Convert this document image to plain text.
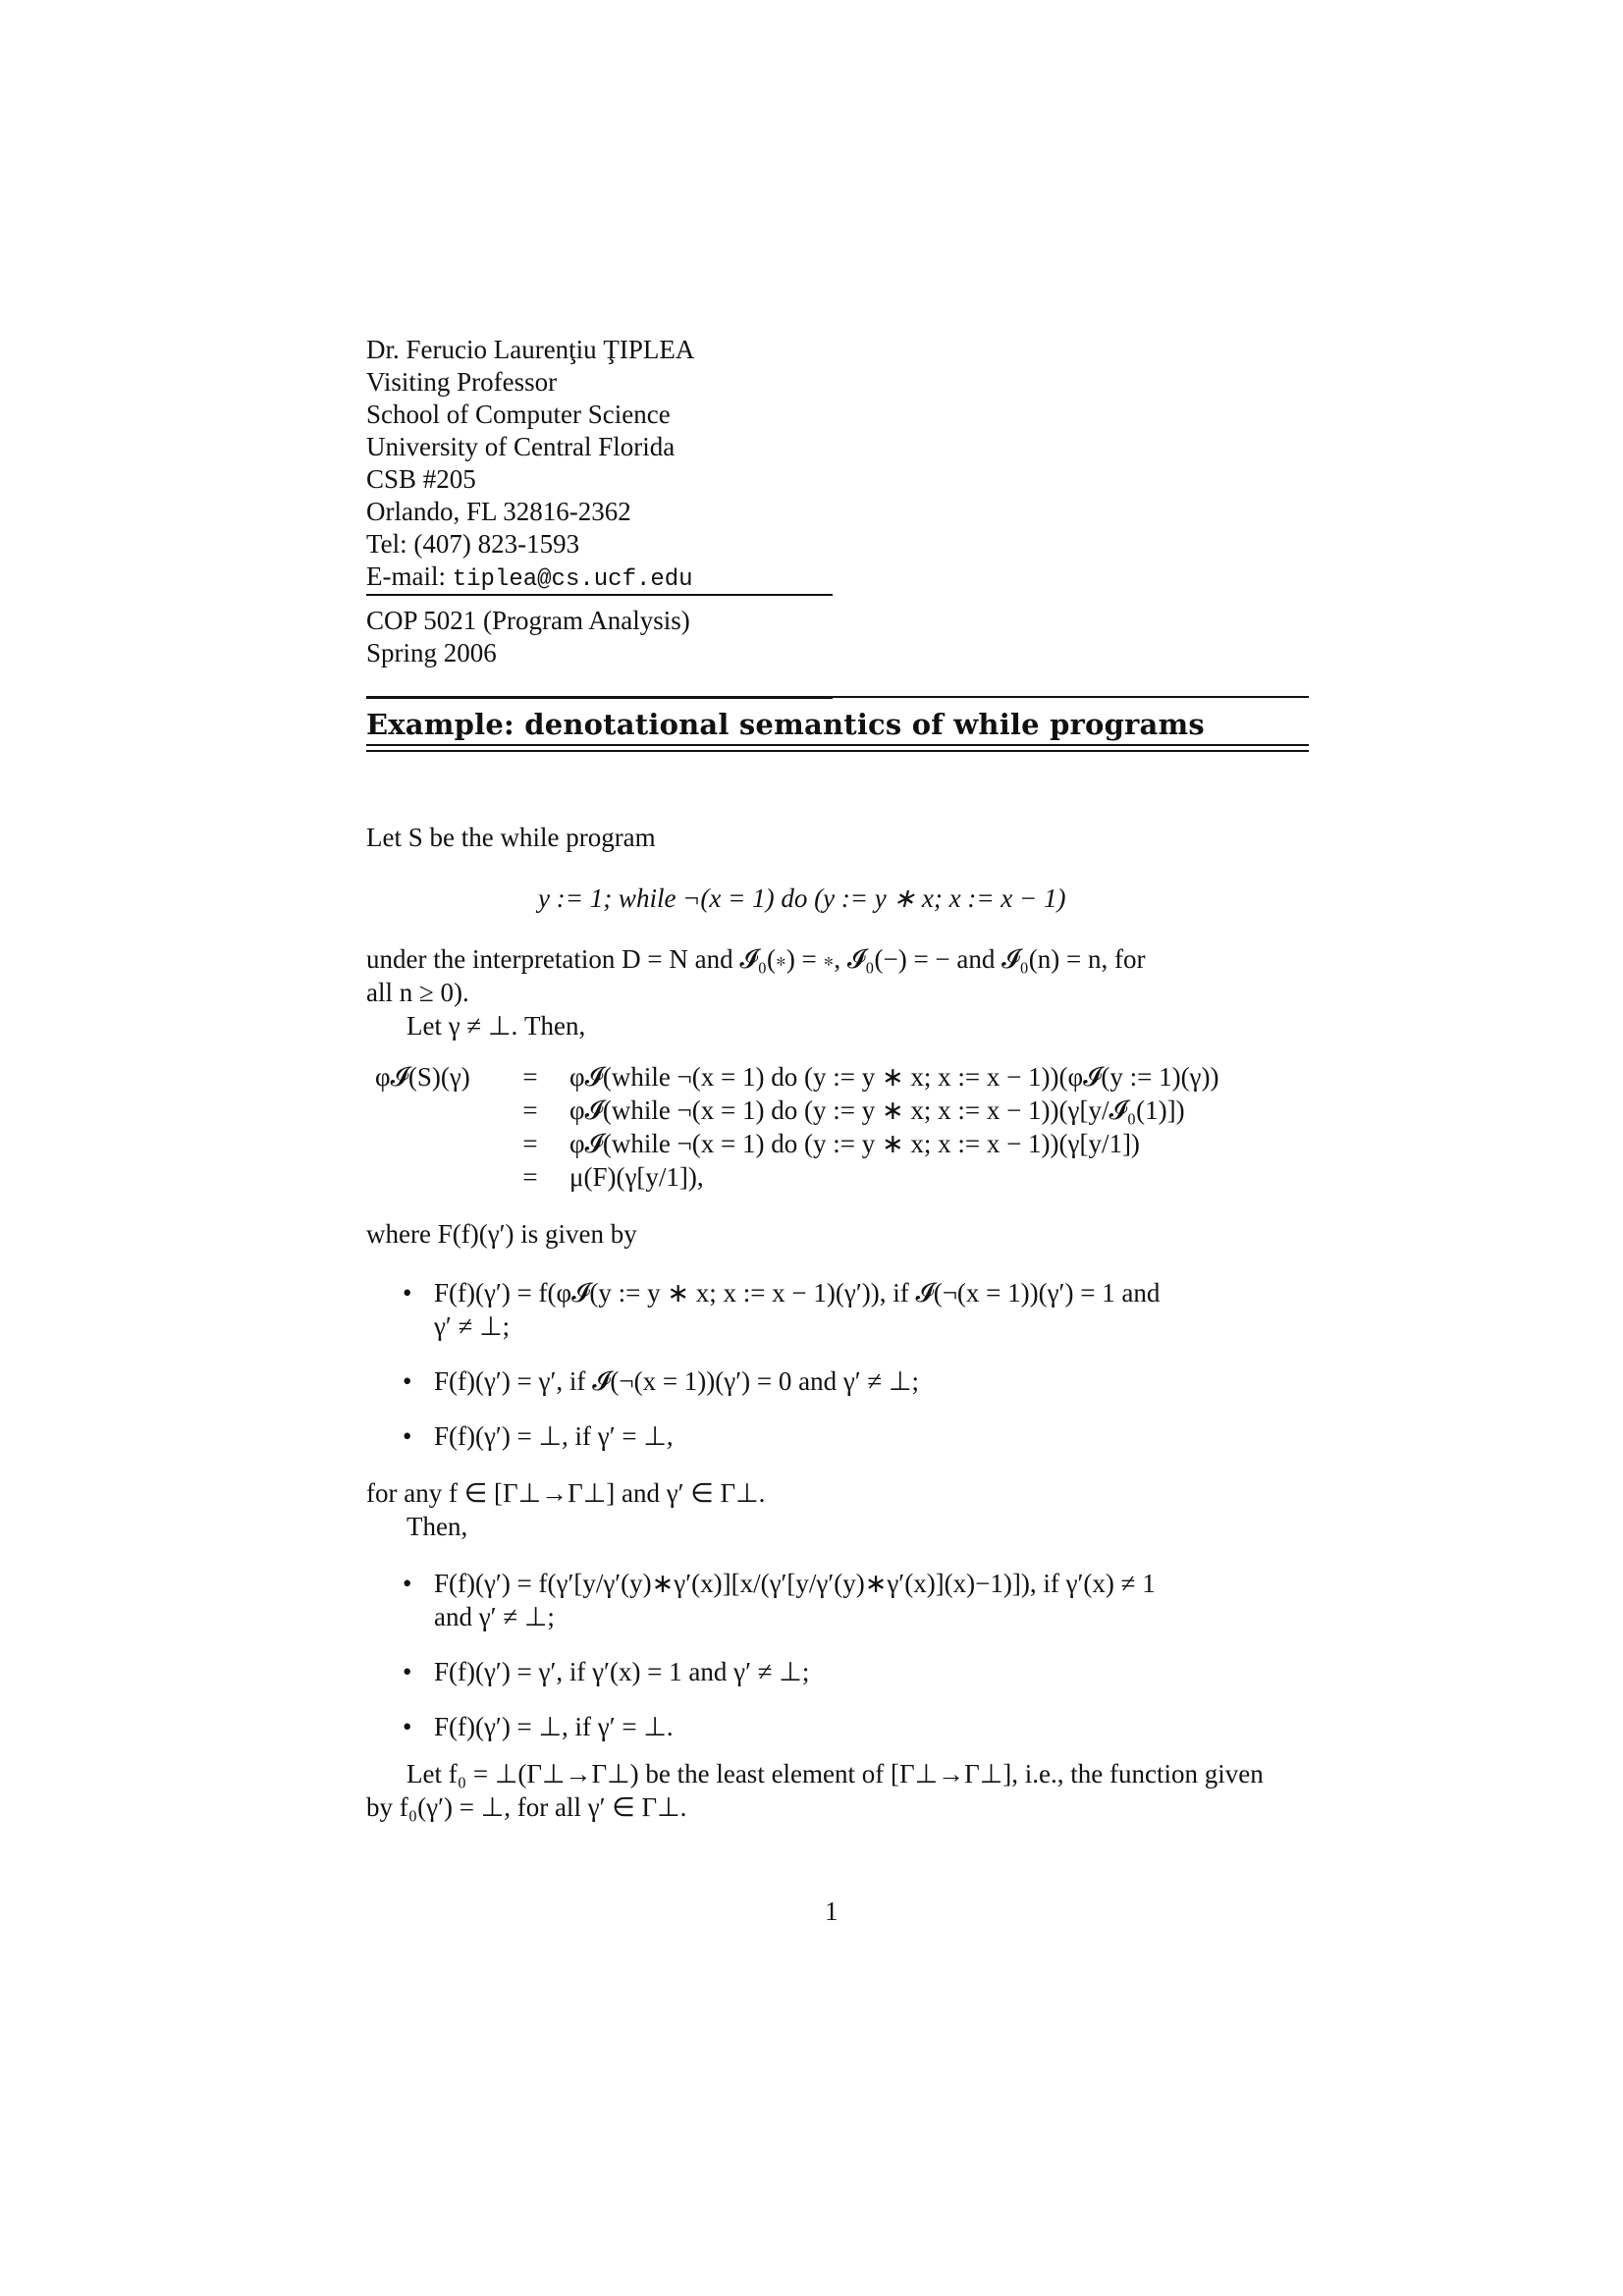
Dr. Ferucio Laurenţiu ŢIPLEA
Visiting Professor
School of Computer Science
University of Central Florida
CSB #205
Orlando, FL 32816-2362
Tel: (407) 823-1593
E-mail: tiplea@cs.ucf.edu
COP 5021 (Program Analysis)
Spring 2006
Example: denotational semantics of while programs
Let S be the while program
y := 1; while ¬(x = 1) do (y := y ∗ x; x := x − 1)
under the interpretation D = N and 𝓘₀(∗) = ∗, 𝓘₀(−) = − and 𝓘₀(n) = n, for
all n ≥ 0).
Let γ ≠ ⊥. Then,
φ𝓘(S)(γ)	=	φ𝓘(while ¬(x = 1) do (y := y ∗ x; x := x − 1))(φ𝓘(y := 1)(γ))
=	φ𝓘(while ¬(x = 1) do (y := y ∗ x; x := x − 1))(γ[y/𝓘₀(1)])
=	φ𝓘(while ¬(x = 1) do (y := y ∗ x; x := x − 1))(γ[y/1])
=	μ(F)(γ[y/1]),
where F(f)(γ′) is given by
• F(f)(γ′) = f(φ𝓘(y := y ∗ x; x := x − 1)(γ′)), if 𝓘(¬(x = 1))(γ′) = 1 and
γ′ ≠ ⊥;
• F(f)(γ′) = γ′, if 𝓘(¬(x = 1))(γ′) = 0 and γ′ ≠ ⊥;
• F(f)(γ′) = ⊥, if γ′ = ⊥,
for any f ∈ [Γ⊥→Γ⊥] and γ′ ∈ Γ⊥.
Then,
• F(f)(γ′) = f(γ′[y/γ′(y)∗γ′(x)][x/(γ′[y/γ′(y)∗γ′(x)](x)−1)]), if γ′(x) ≠ 1
and γ′ ≠ ⊥;
• F(f)(γ′) = γ′, if γ′(x) = 1 and γ′ ≠ ⊥;
• F(f)(γ′) = ⊥, if γ′ = ⊥.
Let f₀ = ⊥(Γ⊥→Γ⊥) be the least element of [Γ⊥→Γ⊥], i.e., the function given
by f₀(γ′) = ⊥, for all γ′ ∈ Γ⊥.
1
